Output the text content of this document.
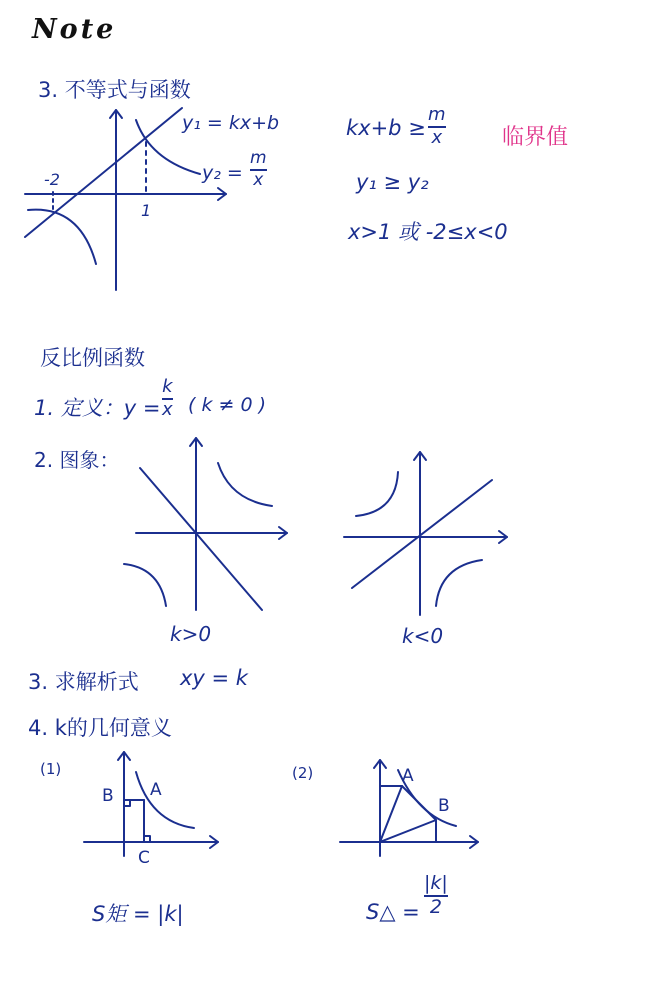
Note
3. 不等式与函数
y₁ = kx+b
y₂ =
m
x
-2
1
kx+b ≥
m
x	临界值
y₁ ≥ y₂
x>1 或 -2≤x<0
反比例函数
1. 定义：y =
k
x ( k ≠ 0 )
2. 图象：
k>0	k<0
3. 求解析式 xy = k
4. k的几何意义
(1)	(2)
B A
C
A
B
S矩 = |k|	S△ =
|k|
2
